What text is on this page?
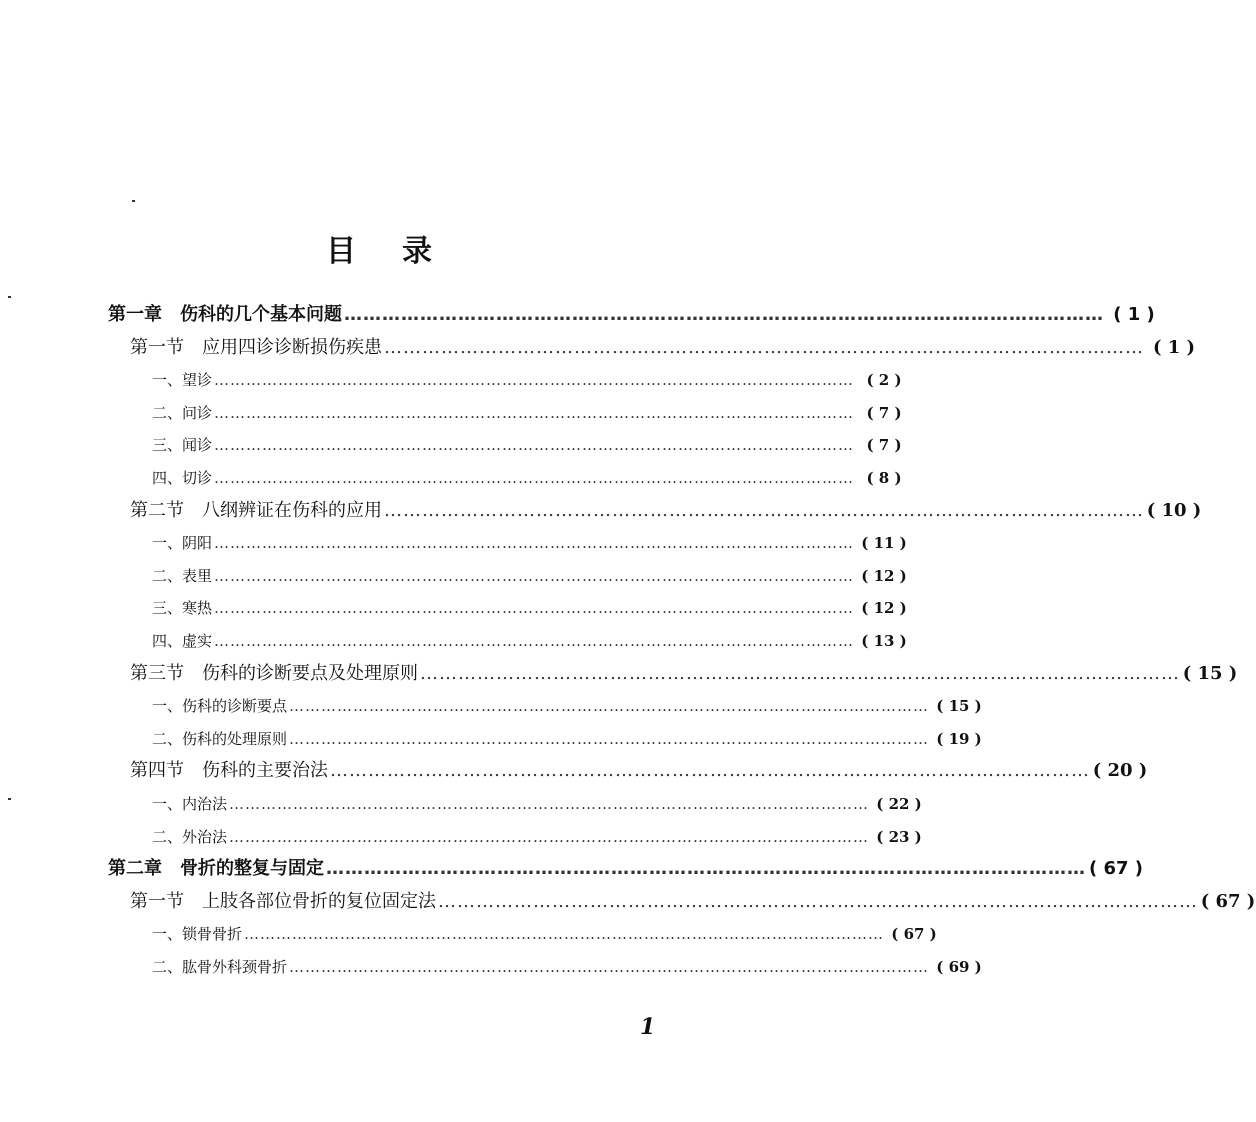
目录
第一章　伤科的几个基本问题 ………………………………………………………………………………………………………… ( 1 )
第一节　应用四诊诊断损伤疾患 ………………………………………………………………………………………………………… ( 1 )
一、望诊 ………………………………………………………………………………………………………… ( 2 )
二、问诊 ………………………………………………………………………………………………………… ( 7 )
三、闻诊 ………………………………………………………………………………………………………… ( 7 )
四、切诊 ………………………………………………………………………………………………………… ( 8 )
第二节　八纲辨证在伤科的应用 ………………………………………………………………………………………………………… ( 10 )
一、阴阳 ………………………………………………………………………………………………………… ( 11 )
二、表里 ………………………………………………………………………………………………………… ( 12 )
三、寒热 ………………………………………………………………………………………………………… ( 12 )
四、虚实 ………………………………………………………………………………………………………… ( 13 )
第三节　伤科的诊断要点及处理原则 ………………………………………………………………………………………………………… ( 15 )
一、伤科的诊断要点 ………………………………………………………………………………………………………… ( 15 )
二、伤科的处理原则 ………………………………………………………………………………………………………… ( 19 )
第四节　伤科的主要治法 ………………………………………………………………………………………………………… ( 20 )
一、内治法 ………………………………………………………………………………………………………… ( 22 )
二、外治法 ………………………………………………………………………………………………………… ( 23 )
第二章　骨折的整复与固定 ………………………………………………………………………………………………………… ( 67 )
第一节　上肢各部位骨折的复位固定法 ………………………………………………………………………………………………………… ( 67 )
一、锁骨骨折 ………………………………………………………………………………………………………… ( 67 )
二、肱骨外科颈骨折 ………………………………………………………………………………………………………… ( 69 )
1
